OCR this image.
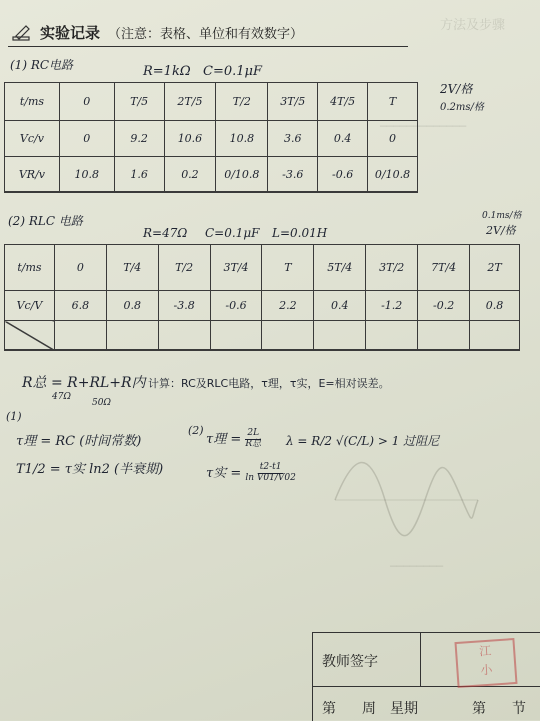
方法及步骤
─────────────
────────
实验记录 （注意：表格、单位和有效数字）
(1) RC电路	R=1kΩ C=0.1μF
2V/格
0.2ms/格
t/ms	0	T/5	2T/5	T/2	3T/5	4T/5	T
Vc/v	0	9.2	10.6	10.8	3.6	0.4	0
VR/v	10.8	1.6	0.2	0/10.8	-3.6	-0.6	0/10.8
(2) RLC 电路
R=47Ω C=0.1μF L=0.01H
0.1ms/格
2V/格
t/ms	0	T/4	T/2	3T/4	T	5T/4	3T/2	7T/4	2T
Vc/V	6.8	0.8	-3.8	-0.6	2.2	0.4	-1.2	-0.2	0.8

R总 = R+RL+R内
47Ω
50Ω
计算：RC及RLC电路，τ理，τ实，E=相对误差。
(1)
τ理 = RC (时间常数)
T1/2 = τ实 ln2 (半衰期)
(2)
τ理 = $\frac{2L}{\text{R总}}$ λ = R/2 √(C/L) > 1 过阻尼
τ实 = $\frac{t2-t1}{\text{ln V01/V02}}$
教师签字
江
小
第 周 星期	第 节
